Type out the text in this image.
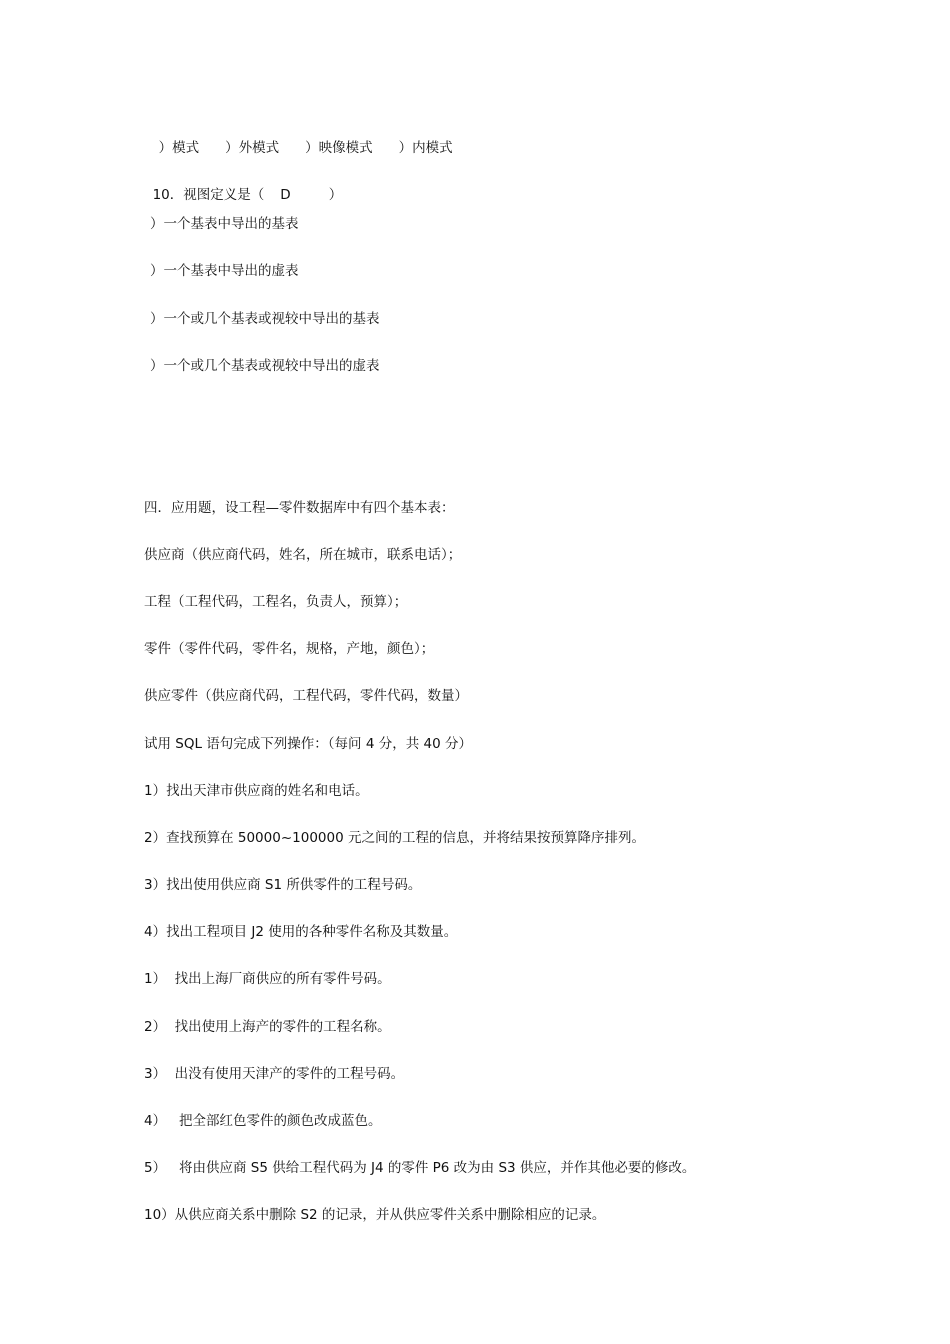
）模式 ）外模式 ）映像模式 ）内模式

10．视图定义是（ D	）

）一个基表中导出的基表
）一个基表中导出的虚表
）一个或几个基表或视较中导出的基表
）一个或几个基表或视较中导出的虚表
四．应用题，设工程—零件数据库中有四个基本表：
供应商（供应商代码，姓名，所在城市，联系电话）；
工程（工程代码，工程名，负责人，预算）；
零件（零件代码，零件名，规格，产地，颜色）；
供应零件（供应商代码，工程代码，零件代码，数量）
试用 SQL 语句完成下列操作：（每问 4 分，共 40 分）
1）找出天津市供应商的姓名和电话。
2）查找预算在 50000~100000 元之间的工程的信息，并将结果按预算降序排列。
3）找出使用供应商 S1 所供零件的工程号码。
4）找出工程项目 J2 使用的各种零件名称及其数量。
1）  找出上海厂商供应的所有零件号码。
2）  找出使用上海产的零件的工程名称。
3）  出没有使用天津产的零件的工程号码。
4）   把全部红色零件的颜色改成蓝色。
5）   将由供应商 S5 供给工程代码为 J4 的零件 P6 改为由 S3 供应，并作其他必要的修改。
10）从供应商关系中删除 S2 的记录，并从供应零件关系中删除相应的记录。
